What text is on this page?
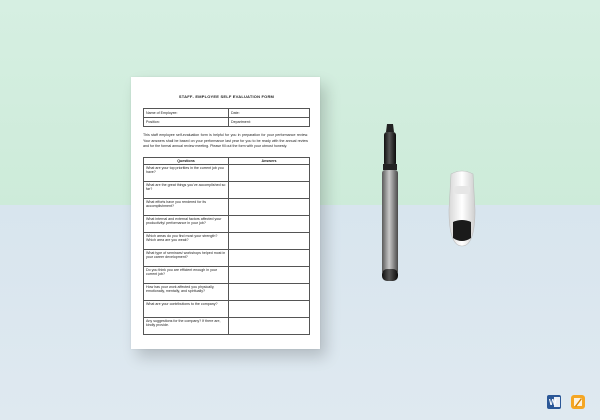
STAFF- EMPLOYEE SELF EVALUATION FORM
Name of Employee:	Date:
Position:	Department:
This staff employee self-evaluation form is helpful for you in preparation for your performance review. Your answers shall be based on your performance last year for you to be ready with the annual review and for the formal annual review meeting. Please fill out the form with your utmost honesty.
Questions	Answers
What are your top priorities in the current job you have?	
What are the great things you've accomplished so far?	
What efforts have you rendered for its accomplishment?	
What internal and external factors affected your productivity/ performance in your job?	
Which areas do you find most your strength? Which area are you weak?	
What type of seminars/ workshops helped most in your career development?	
Do you think you are efficient enough in your current job?	
How has your work affected you physically, emotionally, mentally, and spiritually?	
What are your contributions to the company?	
Any suggestions for the company? If there are, kindly provide.	
W
